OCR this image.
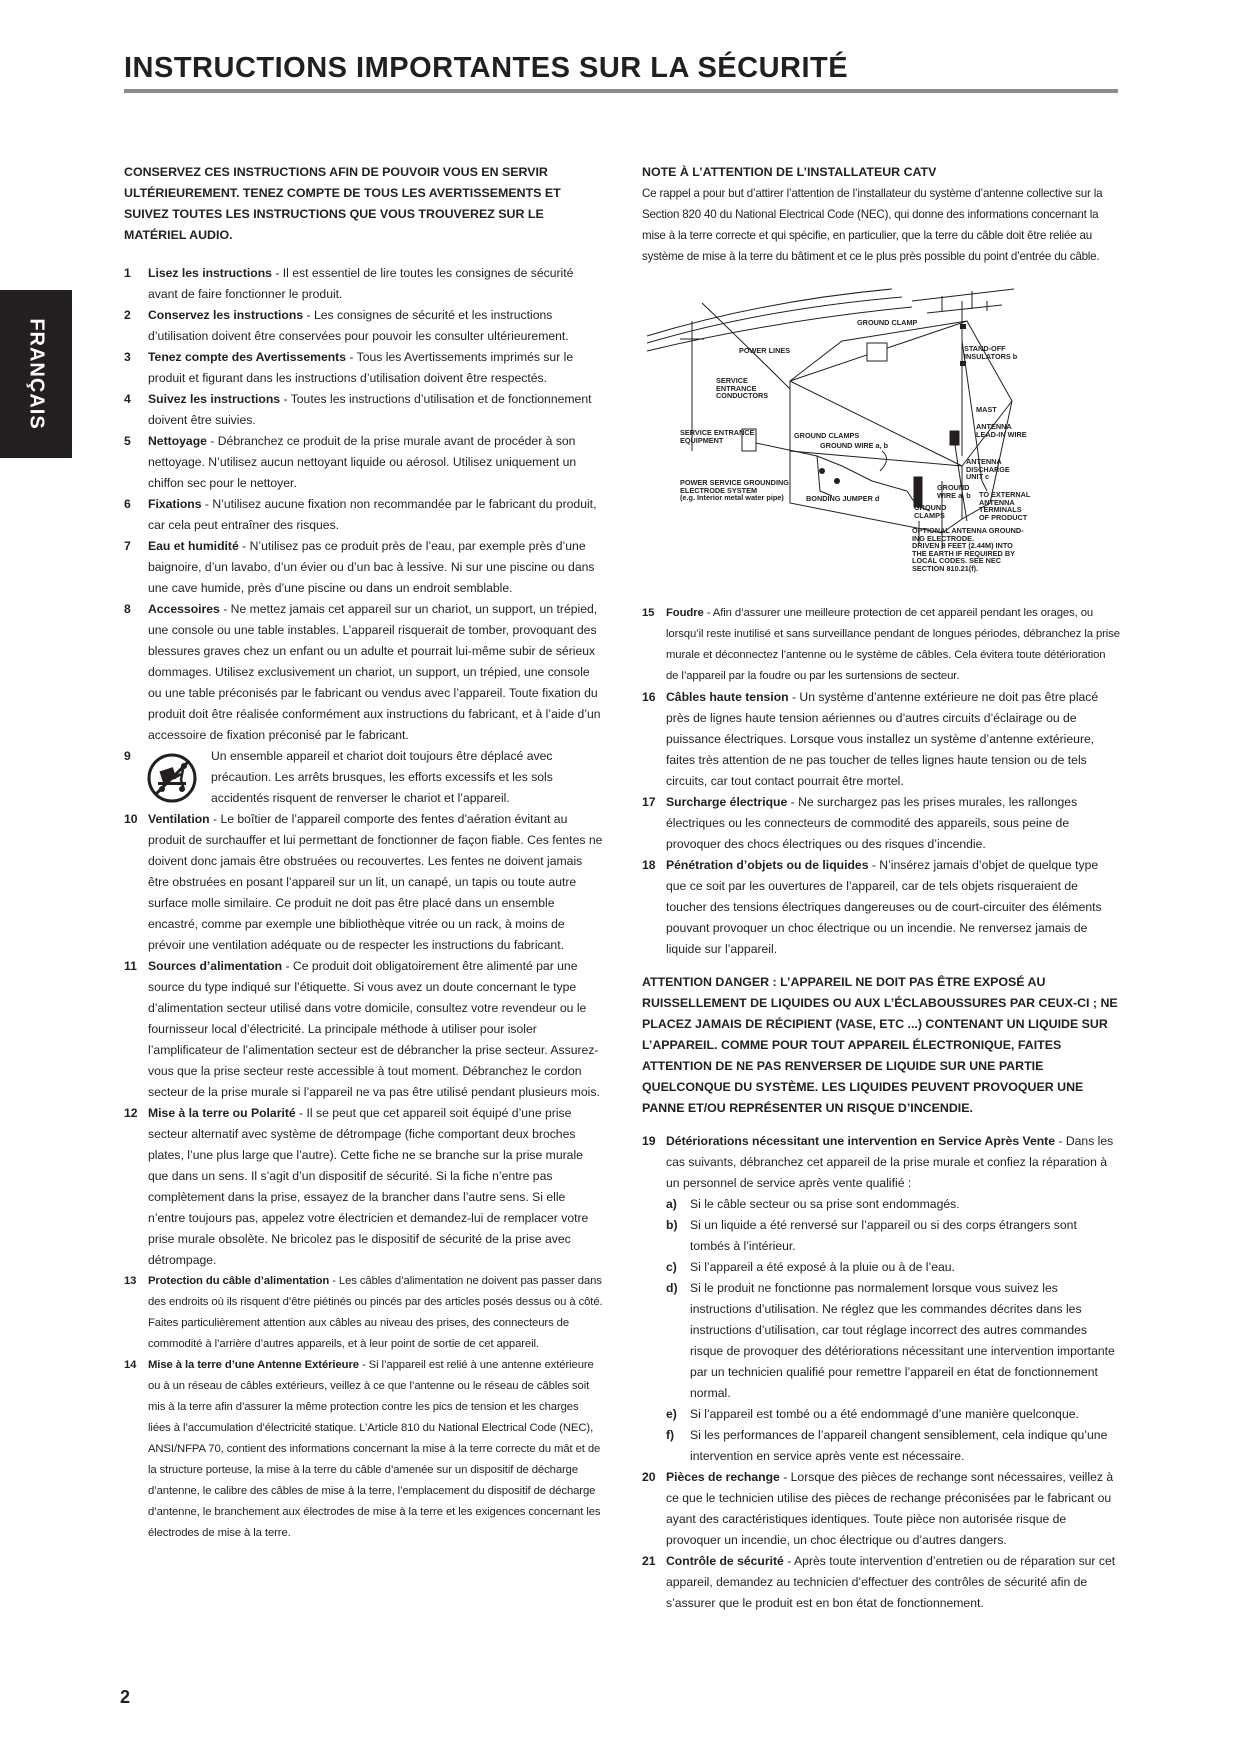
INSTRUCTIONS IMPORTANTES SUR LA SÉCURITÉ
FRANÇAIS

CONSERVEZ CES INSTRUCTIONS AFIN DE POUVOIR VOUS EN SERVIR ULTÉRIEUREMENT. TENEZ COMPTE DE TOUS LES AVERTISSEMENTS ET SUIVEZ TOUTES LES INSTRUCTIONS QUE VOUS TROUVEREZ SUR LE MATÉRIEL AUDIO.

1 Lisez les instructions - Il est essentiel de lire toutes les consignes de sécurité avant de faire fonctionner le produit.
2 Conservez les instructions - Les consignes de sécurité et les instructions d’utilisation doivent être conservées pour pouvoir les consulter ultérieurement.
3 Tenez compte des Avertissements - Tous les Avertissements imprimés sur le produit et figurant dans les instructions d’utilisation doivent être respectés.
4 Suivez les instructions - Toutes les instructions d’utilisation et de fonctionnement doivent être suivies.
5 Nettoyage - Débranchez ce produit de la prise murale avant de procéder à son nettoyage. N’utilisez aucun nettoyant liquide ou aérosol. Utilisez uniquement un chiffon sec pour le nettoyer.
6 Fixations - N’utilisez aucune fixation non recommandée par le fabricant du produit, car cela peut entraîner des risques.
7 Eau et humidité - N’utilisez pas ce produit près de l’eau, par exemple près d’une baignoire, d’un lavabo, d’un évier ou d’un bac à lessive. Ni sur une piscine ou dans une cave humide, près d’une piscine ou dans un endroit semblable.
8 Accessoires - Ne mettez jamais cet appareil sur un chariot, un support, un trépied, une console ou une table instables. L’appareil risquerait de tomber, provoquant des blessures graves chez un enfant ou un adulte et pourrait lui-même subir de sérieux dommages. Utilisez exclusivement un chariot, un support, un trépied, une console ou une table préconisés par le fabricant ou vendus avec l’appareil. Toute fixation du produit doit être réalisée conformément aux instructions du fabricant, et à l’aide d’un accessoire de fixation préconisé par le fabricant.
9	Un ensemble appareil et chariot doit toujours être déplacé avec précaution. Les arrêts brusques, les efforts excessifs et les sols accidentés risquent de renverser le chariot et l’appareil.
10 Ventilation - Le boîtier de l’appareil comporte des fentes d’aération évitant au produit de surchauffer et lui permettant de fonctionner de façon fiable. Ces fentes ne doivent donc jamais être obstruées ou recouvertes. Les fentes ne doivent jamais être obstruées en posant l’appareil sur un lit, un canapé, un tapis ou toute autre surface molle similaire. Ce produit ne doit pas être placé dans un ensemble encastré, comme par exemple une bibliothèque vitrée ou un rack, à moins de prévoir une ventilation adéquate ou de respecter les instructions du fabricant.
11 Sources d’alimentation - Ce produit doit obligatoirement être alimenté par une source du type indiqué sur l’étiquette. Si vous avez un doute concernant le type d’alimentation secteur utilisé dans votre domicile, consultez votre revendeur ou le fournisseur local d’électricité. La principale méthode à utiliser pour isoler l’amplificateur de l’alimentation secteur est de débrancher la prise secteur. Assurez-vous que la prise secteur reste accessible à tout moment. Débranchez le cordon secteur de la prise murale si l’appareil ne va pas être utilisé pendant plusieurs mois.
12 Mise à la terre ou Polarité - Il se peut que cet appareil soit équipé d’une prise secteur alternatif avec système de détrompage (fiche comportant deux broches plates, l’une plus large que l’autre). Cette fiche ne se branche sur la prise murale que dans un sens. Il s’agit d’un dispositif de sécurité. Si la fiche n’entre pas complètement dans la prise, essayez de la brancher dans l’autre sens. Si elle n’entre toujours pas, appelez votre électricien et demandez-lui de remplacer votre prise murale obsolète. Ne bricolez pas le dispositif de sécurité de la prise avec détrompage.
13 Protection du câble d’alimentation - Les câbles d’alimentation ne doivent pas passer dans des endroits où ils risquent d’être piétinés ou pincés par des articles posés dessus ou à côté. Faites particulièrement attention aux câbles au niveau des prises, des connecteurs de commodité à l’arrière d’autres appareils, et à leur point de sortie de cet appareil.
14 Mise à la terre d’une Antenne Extérieure - Si l’appareil est relié à une antenne extérieure ou à un réseau de câbles extérieurs, veillez à ce que l’antenne ou le réseau de câbles soit mis à la terre afin d’assurer la même protection contre les pics de tension et les charges liées à l’accumulation d’électricité statique. L’Article 810 du National Electrical Code (NEC), ANSI/NFPA 70, contient des informations concernant la mise à la terre correcte du mât et de la structure porteuse, la mise à la terre du câble d’amenée sur un dispositif de décharge d’antenne, le calibre des câbles de mise à la terre, l’emplacement du dispositif de décharge d’antenne, le branchement aux électrodes de mise à la terre et les exigences concernant les électrodes de mise à la terre.

NOTE À L’ATTENTION DE L’INSTALLATEUR CATV

Ce rappel a pour but d’attirer l’attention de l’installateur du système d’antenne collective sur la Section 820 40 du National Electrical Code (NEC), qui donne des informations concernant la mise à la terre correcte et qui spécifie, en particulier, que la terre du câble doit être reliée au système de mise à la terre du bâtiment et ce le plus près possible du point d’entrée du câble.

GROUND CLAMP
POWER LINES	STAND-OFF
INSULATORS b
SERVICE
ENTRANCE
CONDUCTORS
MAST
ANTENNA
LEAD-IN WIRE
SERVICE ENTRANCE
EQUIPMENT
GROUND CLAMPS
GROUND WIRE a, b
ANTENNA
DISCHARGE
UNIT c
POWER SERVICE GROUNDING
ELECTRODE SYSTEM
(e.g. Interior metal water pipe)	BONDING JUMPER d
GROUND
WIRE a, b TO EXTERNAL
ANTENNA
TERMINALS
OF PRODUCT
GROUND
CLAMPS
OPTIONAL ANTENNA GROUND-
ING ELECTRODE.
DRIVEN 8 FEET (2.44M) INTO
THE EARTH IF REQUIRED BY
LOCAL CODES. SEE NEC
SECTION 810.21(f).
15 Foudre - Afin d’assurer une meilleure protection de cet appareil pendant les orages, ou lorsqu’il reste inutilisé et sans surveillance pendant de longues périodes, débranchez la prise murale et déconnectez l’antenne ou le système de câbles. Cela évitera toute détérioration de l’appareil par la foudre ou par les surtensions de secteur.
16 Câbles haute tension - Un système d’antenne extérieure ne doit pas être placé près de lignes haute tension aériennes ou d’autres circuits d’éclairage ou de puissance électriques. Lorsque vous installez un système d’antenne extérieure, faites très attention de ne pas toucher de telles lignes haute tension ou de tels circuits, car tout contact pourrait être mortel.
17 Surcharge électrique - Ne surchargez pas les prises murales, les rallonges électriques ou les connecteurs de commodité des appareils, sous peine de provoquer des chocs électriques ou des risques d’incendie.
18 Pénétration d’objets ou de liquides - N’insérez jamais d’objet de quelque type que ce soit par les ouvertures de l’appareil, car de tels objets risqueraient de toucher des tensions électriques dangereuses ou de court-circuiter des éléments pouvant provoquer un choc électrique ou un incendie. Ne renversez jamais de liquide sur l’appareil.

ATTENTION DANGER : L’APPAREIL NE DOIT PAS ÊTRE EXPOSÉ AU RUISSELLEMENT DE LIQUIDES OU AUX L’ÉCLABOUSSURES PAR CEUX-CI ; NE PLACEZ JAMAIS DE RÉCIPIENT (VASE, ETC ...) CONTENANT UN LIQUIDE SUR L’APPAREIL. COMME POUR TOUT APPAREIL ÉLECTRONIQUE, FAITES ATTENTION DE NE PAS RENVERSER DE LIQUIDE SUR UNE PARTIE QUELCONQUE DU SYSTÈME. LES LIQUIDES PEUVENT PROVOQUER UNE PANNE ET/OU REPRÉSENTER UN RISQUE D’INCENDIE.

19 Détériorations nécessitant une intervention en Service Après Vente - Dans les cas suivants, débranchez cet appareil de la prise murale et confiez la réparation à un personnel de service après vente qualifié :
a) Si le câble secteur ou sa prise sont endommagés.
b) Si un liquide a été renversé sur l’appareil ou si des corps étrangers sont tombés à l’intérieur.
c) Si l’appareil a été exposé à la pluie ou à de l’eau.
d) Si le produit ne fonctionne pas normalement lorsque vous suivez les instructions d’utilisation. Ne réglez que les commandes décrites dans les instructions d’utilisation, car tout réglage incorrect des autres commandes risque de provoquer des détériorations nécessitant une intervention importante par un technicien qualifié pour remettre l’appareil en état de fonctionnement normal.
e) Si l’appareil est tombé ou a été endommagé d’une manière quelconque.
f) Si les performances de l’appareil changent sensiblement, cela indique qu’une intervention en service après vente est nécessaire.
20 Pièces de rechange - Lorsque des pièces de rechange sont nécessaires, veillez à ce que le technicien utilise des pièces de rechange préconisées par le fabricant ou ayant des caractéristiques identiques. Toute pièce non autorisée risque de provoquer un incendie, un choc électrique ou d’autres dangers.
21 Contrôle de sécurité - Après toute intervention d’entretien ou de réparation sur cet appareil, demandez au technicien d’effectuer des contrôles de sécurité afin de s’assurer que le produit est en bon état de fonctionnement.
2
